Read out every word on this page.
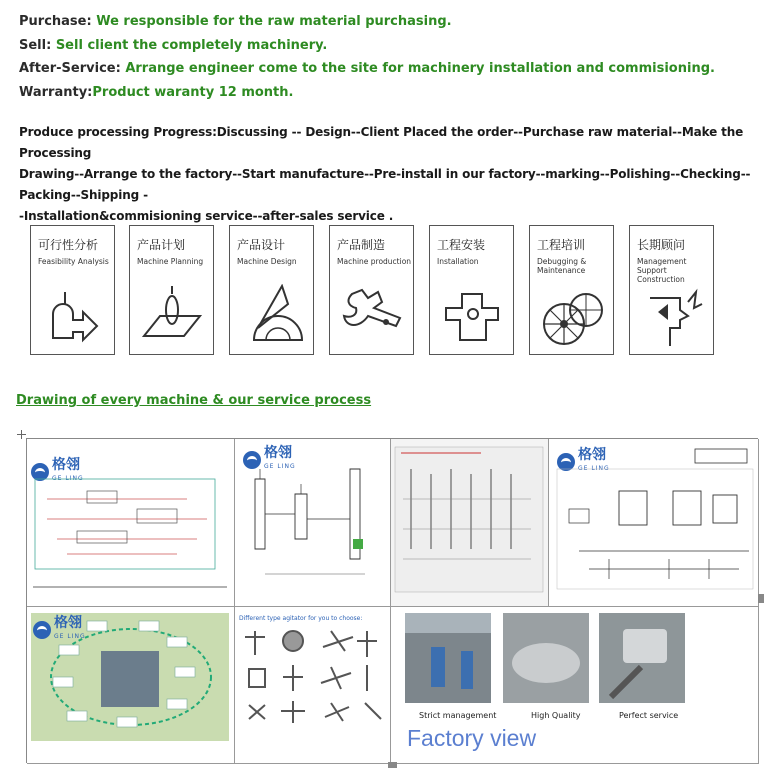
Purchase: We responsible for the raw material purchasing.
Sell: Sell client the completely machinery.
After-Service: Arrange engineer come to the site for machinery installation and commisioning.
Warranty:Product waranty 12 month.
Produce processing Progress:Discussing -- Design--Client Placed the order--Purchase raw material--Make the Processing
Drawing--Arrange to the factory--Start manufacture--Pre-install in our factory--marking--Polishing--Checking--Packing--Shipping -
-Installation&commisioning service--after-sales service .
可行性分析
Feasibility Analysis
产品计划
Machine Planning
产品设计
Machine Design
产品制造
Machine production
工程安装
Installation
工程培训
Debugging & Maintenance
长期顾问
Management Support Construction
Drawing of every machine & our service process
格翎
GE LING
格翎
GE LING
格翎
GE LING
格翎
GE LING
Different type agitator for you to choose:
Strict management	High Quality	Perfect service
Factory view
